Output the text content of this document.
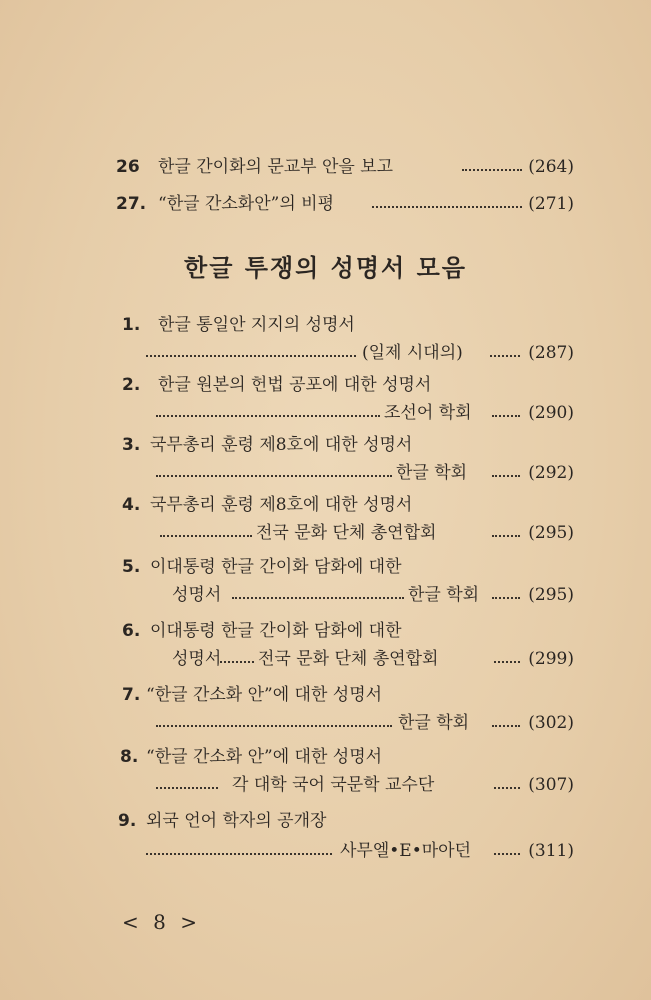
26 한글 간이화의 문교부 안을 보고	(264)
27. “한글 간소화안”의 비평	(271)
한글 투쟁의 성명서 모음
1. 한글 통일안 지지의 성명서
(일제 시대의)	(287)
2. 한글 원본의 헌법 공포에 대한 성명서
조선어 학회	(290)
3. 국무총리 훈령 제8호에 대한 성명서
한글 학회	(292)
4. 국무총리 훈령 제8호에 대한 성명서
전국 문화 단체 총연합회	(295)
5. 이대통령 한글 간이화 담화에 대한
성명서	한글 학회	(295)
6. 이대통령 한글 간이화 담화에 대한
성명서 전국 문화 단체 총연합회	(299)
7. “한글 간소화 안”에 대한 성명서
한글 학회	(302)
8. “한글 간소화 안”에 대한 성명서
각 대학 국어 국문학 교수단	(307)
9. 외국 언어 학자의 공개장
사무엘•E•마아던	(311)
< 8 >
